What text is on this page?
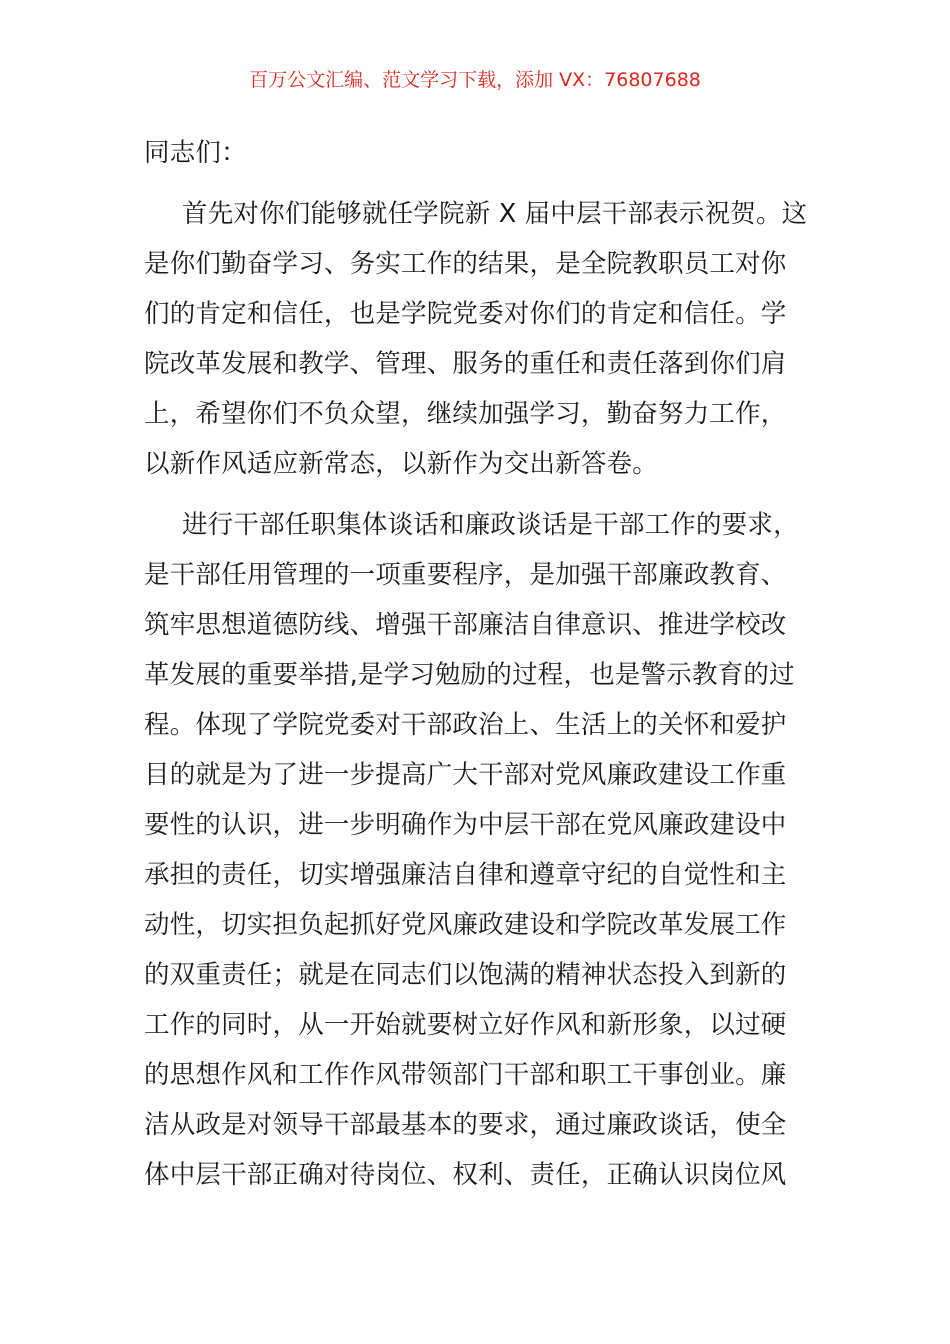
百万公文汇编、范文学习下载，添加 VX：76807688
同志们：
首先对你们能够就任学院新 X 届中层干部表示祝贺。这
是你们勤奋学习、务实工作的结果，是全院教职员工对你
们的肯定和信任，也是学院党委对你们的肯定和信任。学
院改革发展和教学、管理、服务的重任和责任落到你们肩
上，希望你们不负众望，继续加强学习，勤奋努力工作，
以新作风适应新常态，以新作为交出新答卷。
进行干部任职集体谈话和廉政谈话是干部工作的要求，
是干部任用管理的一项重要程序，是加强干部廉政教育、
筑牢思想道德防线、增强干部廉洁自律意识、推进学校改
革发展的重要举措,是学习勉励的过程，也是警示教育的过
程。体现了学院党委对干部政治上、生活上的关怀和爱护
目的就是为了进一步提高广大干部对党风廉政建设工作重
要性的认识，进一步明确作为中层干部在党风廉政建设中
承担的责任，切实增强廉洁自律和遵章守纪的自觉性和主
动性，切实担负起抓好党风廉政建设和学院改革发展工作
的双重责任；就是在同志们以饱满的精神状态投入到新的
工作的同时，从一开始就要树立好作风和新形象，以过硬
的思想作风和工作作风带领部门干部和职工干事创业。廉
洁从政是对领导干部最基本的要求，通过廉政谈话，使全
体中层干部正确对待岗位、权利、责任，正确认识岗位风
